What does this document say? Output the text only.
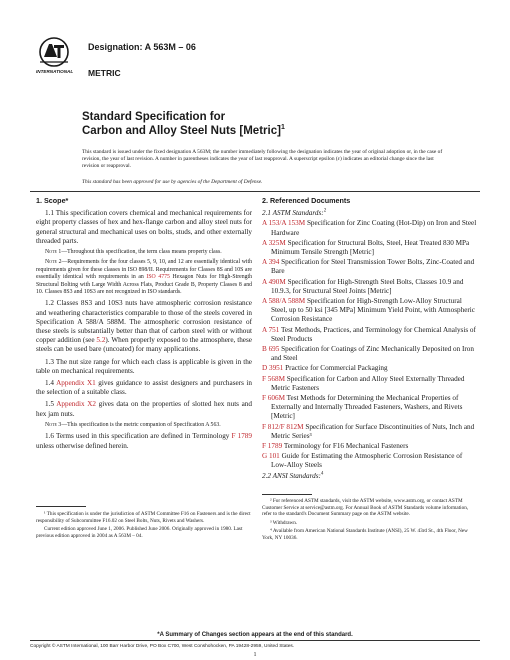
INTERNATIONAL
Designation: A 563M – 06
METRIC
Standard Specification for
Carbon and Alloy Steel Nuts [Metric]$^1$
This standard is issued under the fixed designation A 563M; the number immediately following the designation indicates the year of original adoption or, in the case of revision, the year of last revision. A number in parentheses indicates the year of last reapproval. A superscript epsilon (ε) indicates an editorial change since the last revision or reapproval.
This standard has been approved for use by agencies of the Department of Defense.
1. Scope*

1.1 This specification covers chemical and mechanical requirements for eight property classes of hex and hex-flange carbon and alloy steel nuts for general structural and mechanical uses on bolts, studs, and other externally threaded parts.

Note 1—Throughout this specification, the term class means property class.

Note 2—Requirements for the four classes 5, 9, 10, and 12 are essentially identical with requirements given for these classes in ISO 898/II. Requirements for Classes 8S and 10S are essentially identical with requirements in an ISO 4775 Hexagon Nuts for High-Strength Structural Bolting with Large Width Across Flats, Product Grade B, Property Classes 8 and 10. Classes 8S3 and 10S3 are not recognized in ISO standards.

1.2 Classes 8S3 and 10S3 nuts have atmospheric corrosion resistance and weathering characteristics comparable to those of the steels covered in Specification A 588/A 588M. The atmospheric corrosion resistance of these steels is substantially better than that of carbon steel with or without copper addition (see 5.2). When properly exposed to the atmosphere, these steels can be used bare (uncoated) for many applications.

1.3 The nut size range for which each class is applicable is given in the table on mechanical requirements.

1.4 Appendix X1 gives guidance to assist designers and purchasers in the selection of a suitable class.

1.5 Appendix X2 gives data on the properties of slotted hex nuts and hex jam nuts.

Note 3—This specification is the metric companion of Specification A 563.

1.6 Terms used in this specification are defined in Terminology F 1789 unless otherwise defined herein.

2. Referenced Documents

2.1 ASTM Standards:$^2$

A 153/A 153M Specification for Zinc Coating (Hot-Dip) on Iron and Steel Hardware

A 325M Specification for Structural Bolts, Steel, Heat Treated 830 MPa Minimum Tensile Strength [Metric]

A 394 Specification for Steel Transmission Tower Bolts, Zinc-Coated and Bare

A 490M Specification for High-Strength Steel Bolts, Classes 10.9 and 10.9.3, for Structural Steel Joints [Metric]

A 588/A 588M Specification for High-Strength Low-Alloy Structural Steel, up to 50 ksi [345 MPa] Minimum Yield Point, with Atmospheric Corrosion Resistance

A 751 Test Methods, Practices, and Terminology for Chemical Analysis of Steel Products

B 695 Specification for Coatings of Zinc Mechanically Deposited on Iron and Steel

D 3951 Practice for Commercial Packaging

F 568M Specification for Carbon and Alloy Steel Externally Threaded Metric Fasteners

F 606M Test Methods for Determining the Mechanical Properties of Externally and Internally Threaded Fasteners, Washers, and Rivets [Metric]

F 812/F 812M Specification for Surface Discontinuities of Nuts, Inch and Metric Series³

F 1789 Terminology for F16 Mechanical Fasteners

G 101 Guide for Estimating the Atmospheric Corrosion Resistance of Low-Alloy Steels

2.2 ANSI Standards:$^4$

¹ This specification is under the jurisdiction of ASTM Committee F16 on Fasteners and is the direct responsibility of Subcommittee F16.02 on Steel Bolts, Nuts, Rivets and Washers.

Current edition approved June 1, 2006. Published June 2006. Originally approved in 1980. Last previous edition approved in 2004 as A 563M – 04.

² For referenced ASTM standards, visit the ASTM website, www.astm.org, or contact ASTM Customer Service at service@astm.org. For Annual Book of ASTM Standards volume information, refer to the standard's Document Summary page on the ASTM website.

³ Withdrawn.

⁴ Available from American National Standards Institute (ANSI), 25 W. 43rd St., 4th Floor, New York, NY 10036.

*A Summary of Changes section appears at the end of this standard.
Copyright © ASTM International, 100 Barr Harbor Drive, PO Box C700, West Conshohocken, PA 19428-2959, United States.
1
